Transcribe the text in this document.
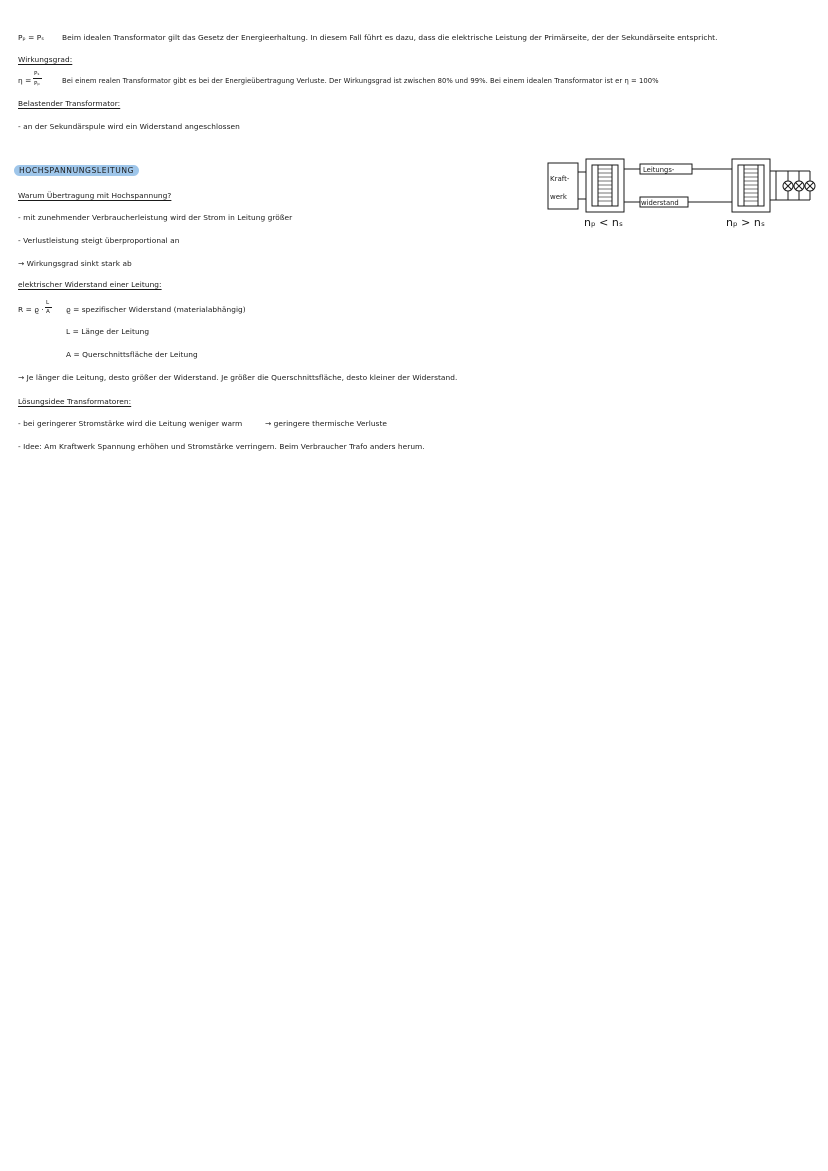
Pₚ = Pₛ Beim idealen Transformator gilt das Gesetz der Energieerhaltung. In diesem Fall führt es dazu, dass die elektrische Leistung der Primärseite, der der Sekundärseite entspricht.
Wirkungsgrad:
η =
Pₛ
Pₚ	Bei einem realen Transformator gibt es bei der Energieübertragung Verluste. Der Wirkungsgrad ist zwischen 80% und 99%. Bei einem idealen Transformator ist er η = 100%
Belastender Transformator:
- an der Sekundärspule wird ein Widerstand angeschlossen
HOCHSPANNUNGSLEITUNG
Warum Übertragung mit Hochspannung?
- mit zunehmender Verbraucherleistung wird der Strom in Leitung größer
- Verlustleistung steigt überproportional an
→ Wirkungsgrad sinkt stark ab
elektrischer Widerstand einer Leitung:
R = ϱ ·
L
A ϱ = spezifischer Widerstand (materialabhängig)
L = Länge der Leitung
A = Querschnittsfläche der Leitung
→ Je länger die Leitung, desto größer der Widerstand. Je größer die Querschnittsfläche, desto kleiner der Widerstand.
Lösungsidee Transformatoren:
- bei geringerer Stromstärke wird die Leitung weniger warm	→ geringere thermische Verluste
- Idee: Am Kraftwerk Spannung erhöhen und Stromstärke verringern. Beim Verbraucher Trafo anders herum.
Kraft-
werk
Leitungs-
widerstand
nₚ < nₛ	nₚ > nₛ
